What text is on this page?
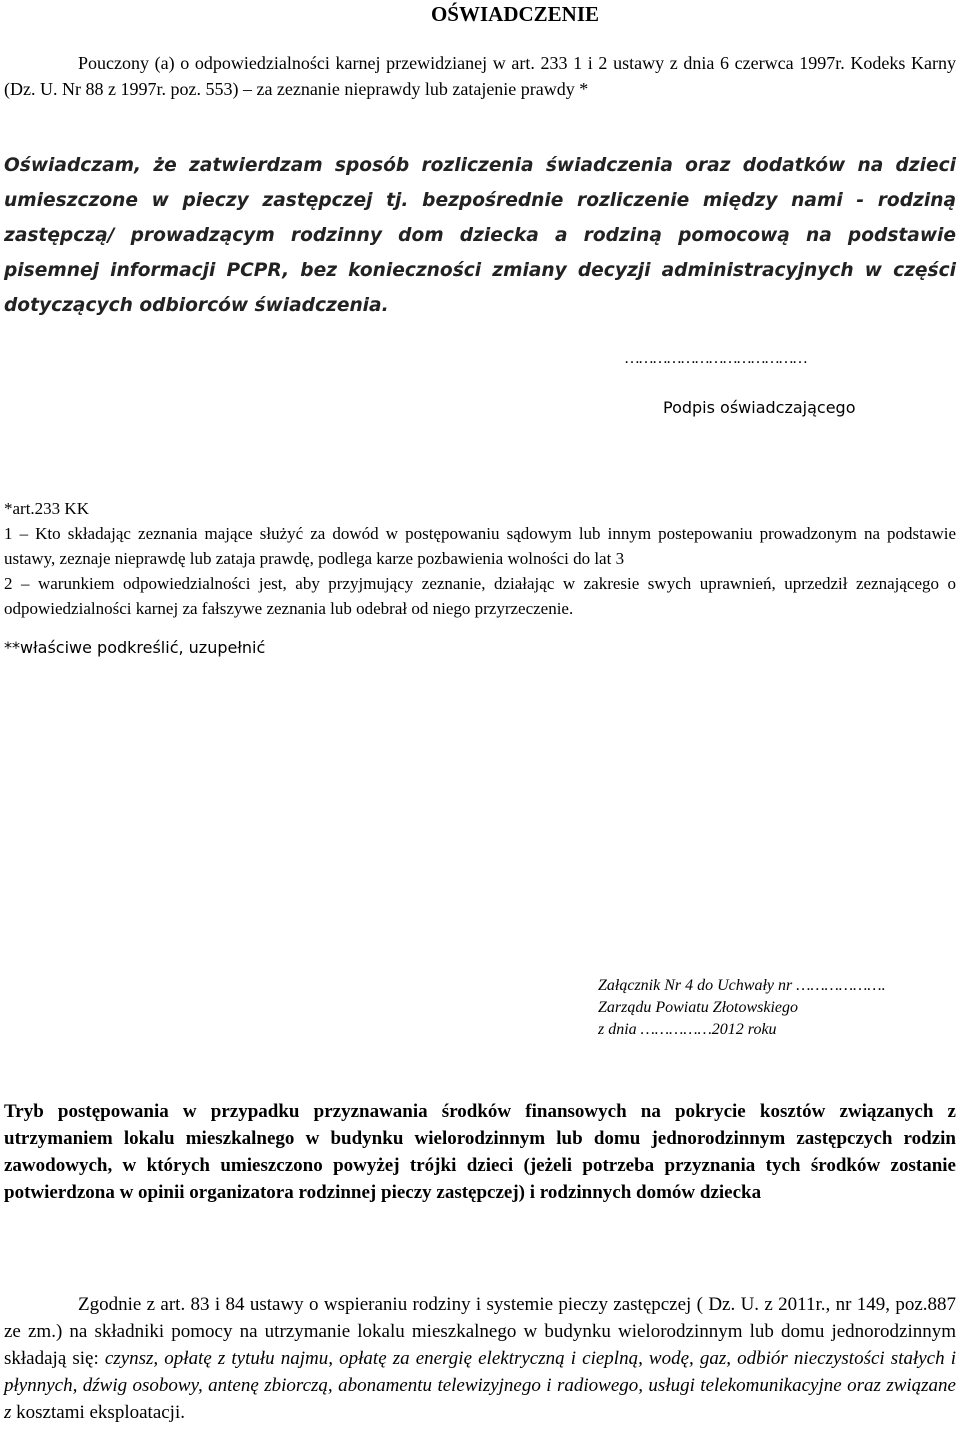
OŚWIADCZENIE
Pouczony (a) o odpowiedzialności karnej przewidzianej w art. 233 1 i 2 ustawy z dnia 6 czerwca 1997r. Kodeks Karny (Dz. U. Nr 88 z 1997r. poz. 553) – za zeznanie nieprawdy lub zatajenie prawdy *
Oświadczam, że zatwierdzam sposób rozliczenia świadczenia oraz dodatków na dzieci umieszczone w pieczy zastępczej tj. bezpośrednie rozliczenie między nami - rodziną zastępczą/ prowadzącym rodzinny dom dziecka a rodziną pomocową na podstawie pisemnej informacji PCPR, bez konieczności zmiany decyzji administracyjnych w części dotyczących odbiorców świadczenia.
…………………………………
Podpis oświadczającego
*art.233 KK
1 – Kto składając zeznania mające służyć za dowód w postępowaniu sądowym lub innym postepowaniu prowadzonym na podstawie ustawy, zeznaje nieprawdę lub zataja prawdę, podlega karze pozbawienia wolności do lat 3
2 – warunkiem odpowiedzialności jest, aby przyjmujący zeznanie, działając w zakresie swych uprawnień, uprzedził zeznającego o odpowiedzialności karnej za fałszywe zeznania lub odebrał od niego przyrzeczenie.
**właściwe podkreślić, uzupełnić
Załącznik Nr 4 do Uchwały nr ……………….
Zarządu Powiatu Złotowskiego
z dnia ……………2012 roku
Tryb postępowania w przypadku przyznawania środków finansowych na pokrycie kosztów związanych z utrzymaniem lokalu mieszkalnego w budynku wielorodzinnym lub domu jednorodzinnym zastępczych rodzin zawodowych, w których umieszczono powyżej trójki dzieci (jeżeli potrzeba przyznania tych środków zostanie potwierdzona w opinii organizatora rodzinnej pieczy zastępczej) i rodzinnych domów dziecka
Zgodnie z art. 83 i 84 ustawy o wspieraniu rodziny i systemie pieczy zastępczej ( Dz. U. z 2011r., nr 149, poz.887 ze zm.) na składniki pomocy na utrzymanie lokalu mieszkalnego w budynku wielorodzinnym lub domu jednorodzinnym składają się: czynsz, opłatę z tytułu najmu, opłatę za energię elektryczną i cieplną, wodę, gaz, odbiór nieczystości stałych i płynnych, dźwig osobowy, antenę zbiorczą, abonamentu telewizyjnego i radiowego, usługi telekomunikacyjne oraz związane z kosztami eksploatacji.
